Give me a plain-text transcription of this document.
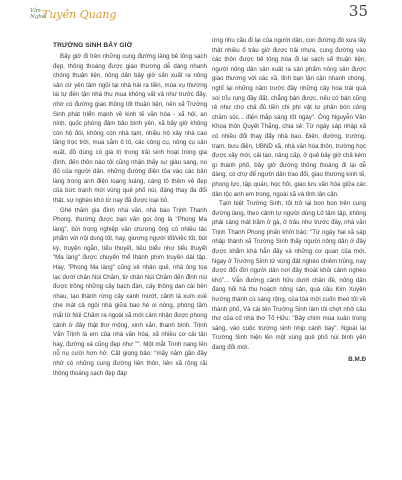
Văn
Nghệ
Tuyên Quang	35
TRƯỜNG SINH BÂY GIỜ

Bây giờ đi trên những cung đường làng bê tông sạch đẹp, thông thoáng được giao thương dễ dàng nhanh chóng thuận tiện, nông dân bây giờ sản xuất ra nông sản cứ yên tâm ngồi tại nhà hái ra tiền, mùa vụ thương lái tự đến tận nhà thu mua không vất vả như trước đây, nhờ có đường giao thông tốt thuận tiện, nên xã Trường Sinh phát triển mạnh về kinh tế văn hóa - xã hội, an ninh, quốc phòng đảm bảo bình yên, xã bây giờ không còn hộ đói, không còn nhà tạm, nhiều hộ xây nhà cao tầng trọc trời, mua sắm ô tô, các công cụ, nông cụ sản xuất, đồ dùng có giá trị trong trải sinh hoạt trong gia đình, đến thôn nào tôi cũng nhận thấy sự giàu sang, no đủ của người dân, những đường điện tỏa vào các bản làng trong ánh điện loang loáng, càng tô thêm vẻ đẹp của bức tranh mới vùng quê phố núi, đáng thay đa đổi thật, sự nghèo khó từ nay đã được loại bỏ.

Ghé thăm gia đình nhà văn, nhà báo Trịnh Thanh Phong, thường được bạn văn gọi ông là "Phong Ma làng", bởi trong nghiệp văn chương ông có nhiều tác phẩm với nội dung tốt, hay, giương người tốt/việc tốt, bút ký, truyện ngắn, tiểu thuyết, tiêu biểu như tiểu thuyết "Ma làng" được chuyển thể thành phim truyền dài tập. Hay, "Phong Ma làng" cũng vẻ nhân quê, nhà ông tọa lạc dưới chân Núi Chăm, từ chân Núi Chăm đến đỉnh núi được trồng những cây bạch đàn, cây thông dan cài bên nhau, tạo thành rừng cây xanh mướt, cảnh là xum xuê che mát cả ngôi nhà giữa bao hè oi nóng, phòng tầm mắt từ Núi Chăm ra ngoài xã mới cảm nhận được phong cảnh ở đây thật thơ mộng, xinh xắn, thanh bình. Trịnh Văn Trịnh là em của nhà văn hóa, xã nhiều cơ cải tân hay, đường xá cũng đẹp như "". Một mắt Trinh nang lên nỗ nụ cười hơn hở. Cất giọng bảo: "mấy năm gần đây nhờ có những cung đường liên thôn, liên xã rộng rãi thông thoáng sạch đẹp đáp

ứng nhu cầu đi lại của người dân, con đường đó xưa lấy thật nhiều ổ trâu giờ được trải nhựa, cung đường vào các thôn được bê tông hóa đi lại sạch sẽ thuận tiện; người nông dân sản xuất ra sản phẩm nông sản được giao thương với các xã, tỉnh bạn lân cận nhanh chóng, nghĩ lại những năm trước đây những cây hoa trái quả soi trĩu rụng đầy đất, chẳng bán được, nếu có bán cũng rẻ như cho chả đủ tiền chi phí vật tư phân bón công chăm sóc... điện thắp sáng tốt ngày". Ông Nguyễn Văn Khoa thôn Quyết Thắng, chia sẻ: Từ ngày sáp nhập xã có nhiều đổi thay đẩy nhà bao. Điện, đường, trường, trạm, bưu điện, UBND xã, nhà văn hóa thôn, trường học được xây mới, cải tạo, nâng cấp, ở quê bây giờ chả kém gì thành phố, bây giờ đường thông thoáng đi lại dễ dàng, có chợ để người dân trao đổi, giao thương kinh tế, phong lực, tập quán, học hỏi, giao lưu văn hóa giữa các dân tộc anh em trong, ngoài xã và tỉnh lân cận.

Tạm biệt Trường Sinh, tôi trở lại bon bon trên cung đường làng, theo cảnh tự người dùng Lô tâm tập, không phải càng mát trăm ở gà, ở trâu như trước đây, nhà văn Trịnh Thanh Phong phấn khởi bảo: "Từ ngày hai xã sáp nhập thành xã Trường Sinh thấy người nông dân ở đây được khẩm khá hẳn đấy và những cơ quan của mới, Ngay ở Trường Sinh từ vùng đất nghèo chiêm trũng, nay được đổi đời người dân nơi đây thoát khỏi cảnh nghèo khó"... Vẫn đường cánh hữu dưới chân đê, nông dân đang hối hả thu hoạch nông sản, qua cầu Kim Xuyên hướng thành cù sáng rộng, của tòa mời cuốn theo tôi về thành phố, Và cái tên Trường Sinh làm tôi chợt nhớ câu thơ của cố nhà thơ Tố Hữu: "Bây chìm mùa xuân trong sáng, vào cuộc trường sinh nhịp cánh bay". Ngoài lại Trường Sinh hiện lên một vùng quê phố núi bình yên đang đổi mới.

B.M.Đ
